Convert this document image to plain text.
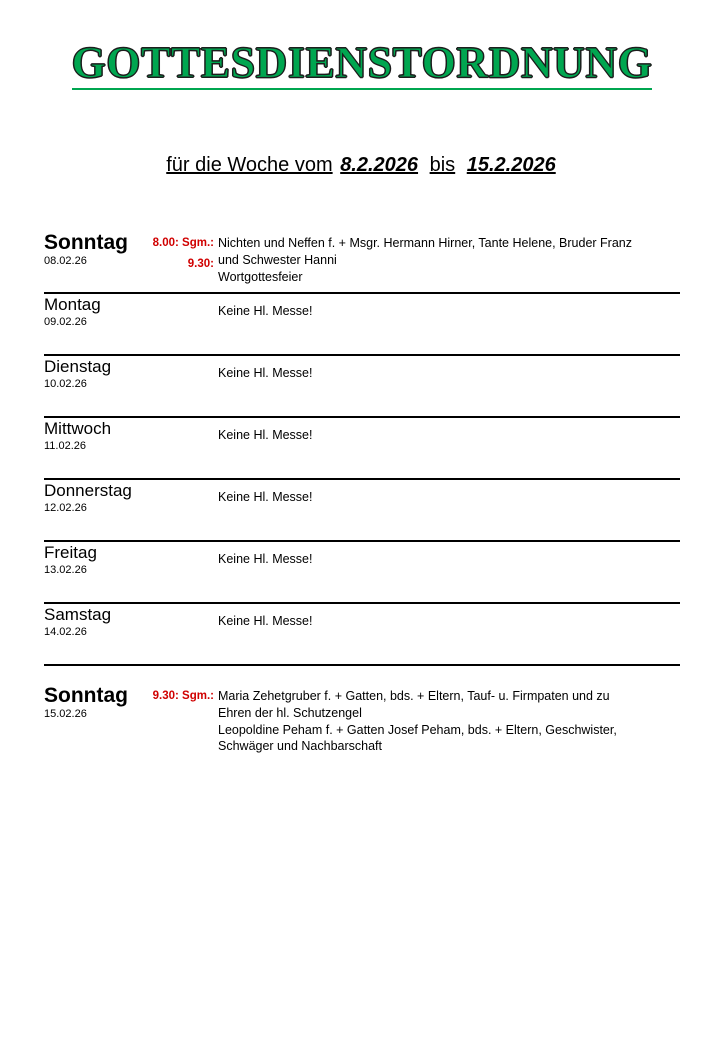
GOTTESDIENSTORDNUNG
für die Woche vom 8.2.2026 bis 15.2.2026
Sonntag
08.02.26
8.00: Sgm.:
9.30:
Nichten und Neffen f. + Msgr. Hermann Hirner, Tante Helene, Bruder Franz
und Schwester Hanni
Wortgottesfeier
Montag
09.02.26
Keine Hl. Messe!
Dienstag
10.02.26
Keine Hl. Messe!
Mittwoch
11.02.26
Keine Hl. Messe!
Donnerstag
12.02.26
Keine Hl. Messe!
Freitag
13.02.26
Keine Hl. Messe!
Samstag
14.02.26
Keine Hl. Messe!
Sonntag
15.02.26
9.30: Sgm.: Maria Zehetgruber f. + Gatten, bds. + Eltern, Tauf- u. Firmpaten und zu
Ehren der hl. Schutzengel
Leopoldine Peham f. + Gatten Josef Peham, bds. + Eltern, Geschwister,
Schwäger und Nachbarschaft
